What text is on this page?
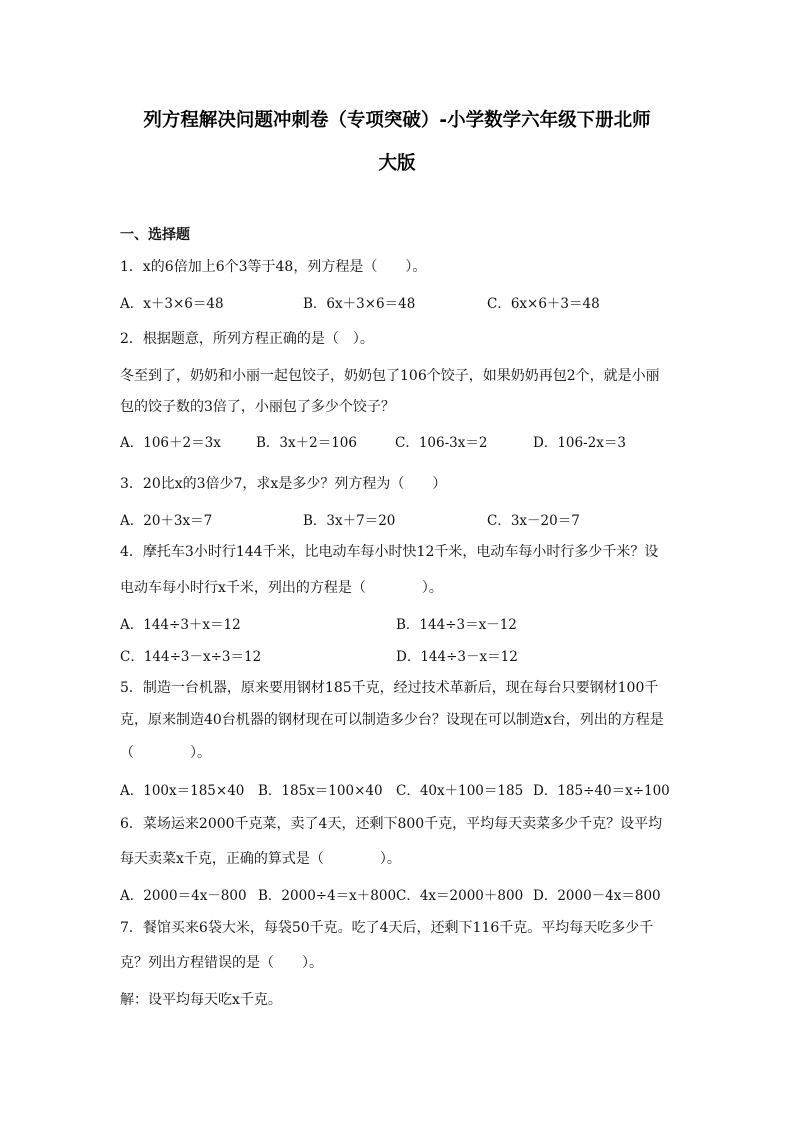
列方程解决问题冲刺卷（专项突破）-小学数学六年级下册北师
大版
一、选择题
1．x的6倍加上6个3等于48，列方程是（　　）。
A．x＋3×6＝48	B．6x＋3×6＝48	C．6x×6＋3＝48
2．根据题意，所列方程正确的是（　）。
冬至到了，奶奶和小丽一起包饺子，奶奶包了106个饺子，如果奶奶再包2个，就是小丽
包的饺子数的3倍了，小丽包了多少个饺子？
A．106＋2＝3x	B．3x＋2＝106	C．106-3x＝2	D．106-2x＝3
3．20比x的3倍少7，求x是多少？列方程为（　　）
A．20＋3x＝7	B．3x＋7＝20	C．3x－20＝7
4．摩托车3小时行144千米，比电动车每小时快12千米，电动车每小时行多少千米？设
电动车每小时行x千米，列出的方程是（　　　　）。
A．144÷3＋x＝12	B．144÷3＝x－12
C．144÷3－x÷3＝12	D．144÷3－x＝12
5．制造一台机器，原来要用钢材185千克，经过技术革新后，现在每台只要钢材100千
克，原来制造40台机器的钢材现在可以制造多少台？设现在可以制造x台，列出的方程是
（　　　　）。
A．100x＝185×40 B．185x＝100×40 C．40x＋100＝185 D．185÷40＝x÷100
6．菜场运来2000千克菜，卖了4天，还剩下800千克，平均每天卖菜多少千克？设平均
每天卖菜x千克，正确的算式是（　　　　）。
A．2000＝4x－800 B．2000÷4＝x＋800 C．4x＝2000＋800 D．2000－4x＝800
7．餐馆买来6袋大米，每袋50千克。吃了4天后，还剩下116千克。平均每天吃多少千
克？列出方程错误的是（　　）。
解：设平均每天吃x千克。
